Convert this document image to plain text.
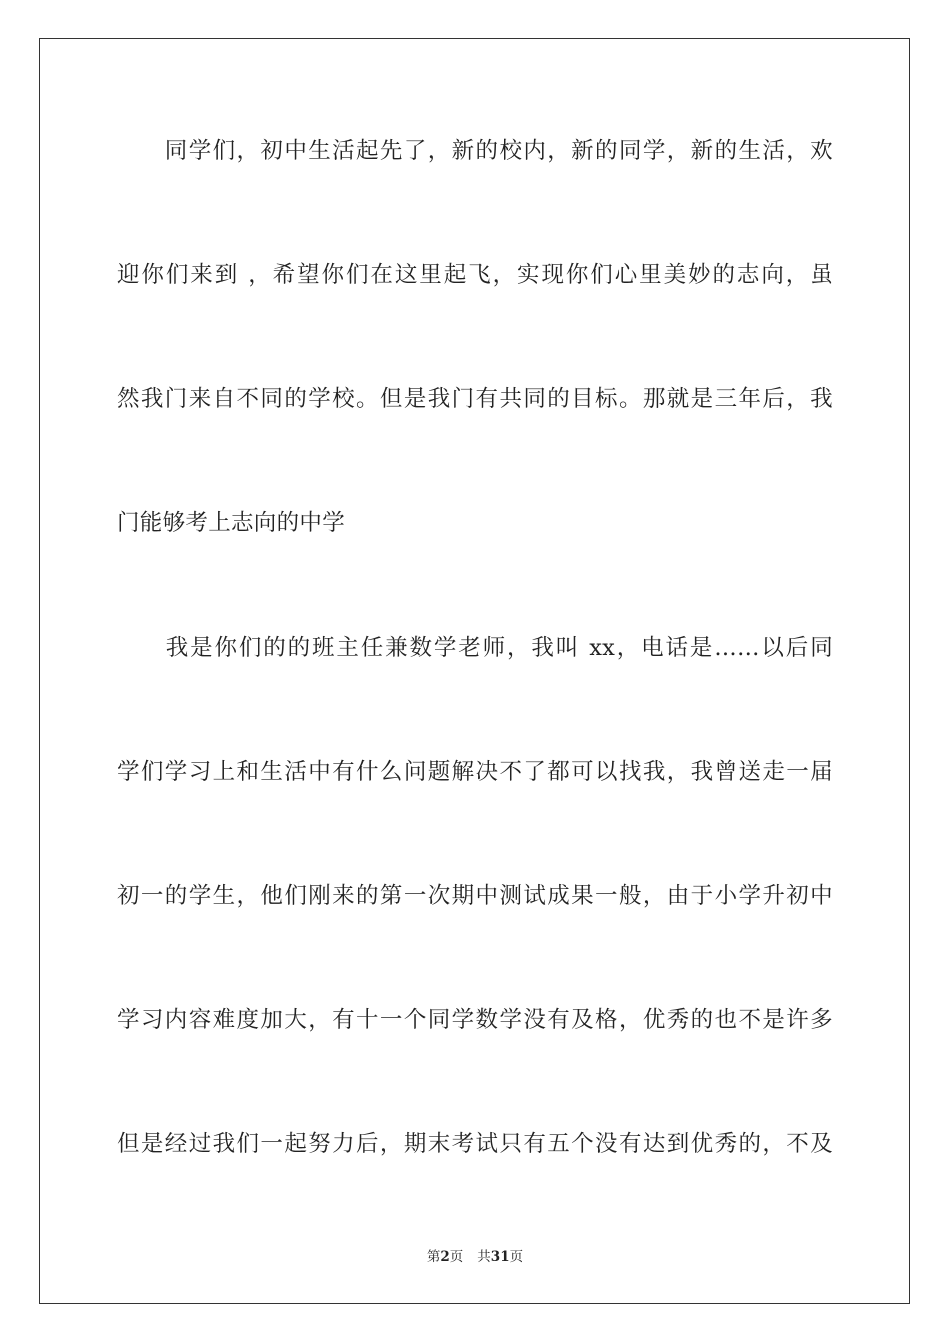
　　同学们，初中生活起先了，新的校内，新的同学，新的生活，欢
迎你们来到 ，希望你们在这里起飞，实现你们心里美妙的志向，虽
然我门来自不同的学校。但是我门有共同的目标。那就是三年后，我
门能够考上志向的中学
　　我是你们的的班主任兼数学老师，我叫 xx，电话是……以后同
学们学习上和生活中有什么问题解决不了都可以找我，我曾送走一届
初一的学生，他们刚来的第一次期中测试成果一般，由于小学升初中
学习内容难度加大，有十一个同学数学没有及格，优秀的也不是许多
但是经过我们一起努力后，期末考试只有五个没有达到优秀的，不及
第2页 共31页
